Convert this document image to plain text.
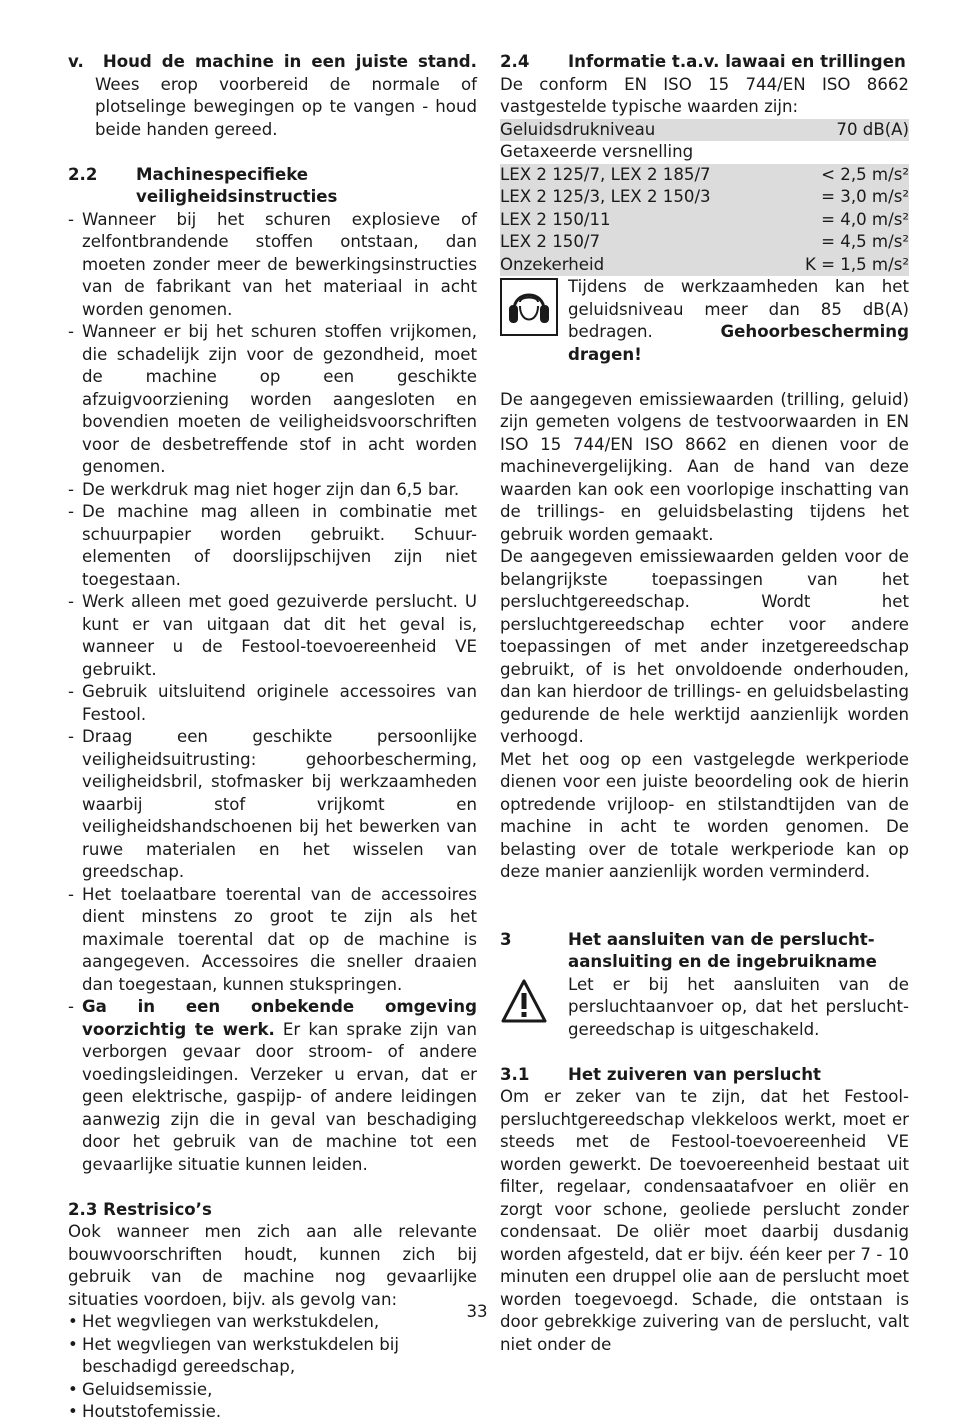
v. Houd de machine in een juiste stand. Wees erop voorbereid de normale of plotselinge bewegingen op te vangen - houd beide handen gereed.

2.2	Machinespecifieke veiligheidsinstructies
- Wanneer bij het schuren explosieve of zelfontbrandende stoffen ontstaan, dan moeten zonder meer de bewerkingsinstructies van de fabrikant van het materiaal in acht worden genomen.
- Wanneer er bij het schuren stoffen vrijkomen, die schadelijk zijn voor de gezondheid, moet de machine op een geschikte afzuigvoorziening worden aangesloten en bovendien moeten de veiligheidsvoorschriften voor de desbetreffende stof in acht worden genomen.
- De werkdruk mag niet hoger zijn dan 6,5 bar.
- De machine mag alleen in combinatie met schuurpapier worden gebruikt. Schuur-elementen of doorslijpschijven zijn niet toegestaan.
- Werk alleen met goed gezuiverde perslucht. U kunt er van uitgaan dat dit het geval is, wanneer u de Festool-toevoereenheid VE gebruikt.
- Gebruik uitsluitend originele accessoires van Festool.
- Draag een geschikte persoonlijke veiligheidsuitrusting: gehoorbescherming, veiligheidsbril, stofmasker bij werkzaamheden waarbij stof vrijkomt en veiligheidshandschoenen bij het bewerken van ruwe materialen en het wisselen van greedschap.
- Het toelaatbare toerental van de accessoires dient minstens zo groot te zijn als het maximale toerental dat op de machine is aangegeven. Accessoires die sneller draaien dan toegestaan, kunnen stukspringen.
- Ga in een onbekende omgeving voorzichtig te werk. Er kan sprake zijn van verborgen gevaar door stroom- of andere voedingsleidingen. Verzeker u ervan, dat er geen elektrische, gaspijp- of andere leidingen aanwezig zijn die in geval van beschadiging door het gebruik van de machine tot een gevaarlijke situatie kunnen leiden.

2.3 Restrisico’s

Ook wanneer men zich aan alle relevante bouwvoorschriften houdt, kunnen zich bij gebruik van de machine nog gevaarlijke situaties voordoen, bijv. als gevolg van:

• Het wegvliegen van werkstukdelen,
• Het wegvliegen van werkstukdelen bij beschadigd gereedschap,
• Geluidsemissie,
• Houtstofemissie.
2.4	Informatie t.a.v. lawaai en trillingen

De conform EN ISO 15 744/EN ISO 8662 vastgestelde typische waarden zijn:

Geluidsdrukniveau	70 dB(A)
Getaxeerde versnelling	
LEX 2 125/7, LEX 2 185/7	< 2,5 m/s²
LEX 2 125/3, LEX 2 150/3	= 3,0 m/s²
LEX 2 150/11	= 4,0 m/s²
LEX 2 150/7	= 4,5 m/s²
Onzekerheid	K = 1,5 m/s²

Tijdens de werkzaamheden kan het geluidsniveau meer dan 85 dB(A) bedragen.	Gehoorbescherming dragen!

De aangegeven emissiewaarden (trilling, geluid) zijn gemeten volgens de testvoorwaarden in EN ISO 15 744/EN ISO 8662 en dienen voor de machinevergelijking. Aan de hand van deze waarden kan ook een voorlopige inschatting van de trillings- en geluidsbelasting tijdens het gebruik worden gemaakt.

De aangegeven emissiewaarden gelden voor de belangrijkste toepassingen van het persluchtgereedschap. Wordt het persluchtgereedschap echter voor andere toepassingen of met ander inzetgereedschap gebruikt, of is het onvoldoende onderhouden, dan kan hierdoor de trillings- en geluidsbelasting gedurende de hele werktijd aanzienlijk worden verhoogd.

Met het oog op een vastgelegde werkperiode dienen voor een juiste beoordeling ook de hierin optredende vrijloop- en stilstandtijden van de machine in acht te worden genomen. De belasting over de totale werkperiode kan op deze manier aanzienlijk worden verminderd.

3	Het aansluiten van de perslucht-aansluiting en de ingebruikname

Let er bij het aansluiten van de persluchtaanvoer op, dat het perslucht-gereedschap is uitgeschakeld.

3.1	Het zuiveren van perslucht

Om er zeker van te zijn, dat het Festool-persluchtgereedschap vlekkeloos werkt, moet er steeds met de Festool-toevoereenheid VE worden gewerkt. De toevoereenheid bestaat uit filter, regelaar, condensaatafvoer en oliër en zorgt voor schone, geoliede perslucht zonder condensaat. De oliër moet daarbij dusdanig worden afgesteld, dat er bijv. één keer per 7 - 10 minuten een druppel olie aan de perslucht moet worden toegevoegd. Schade, die ontstaan is door gebrekkige zuivering van de perslucht, valt niet onder de

33
